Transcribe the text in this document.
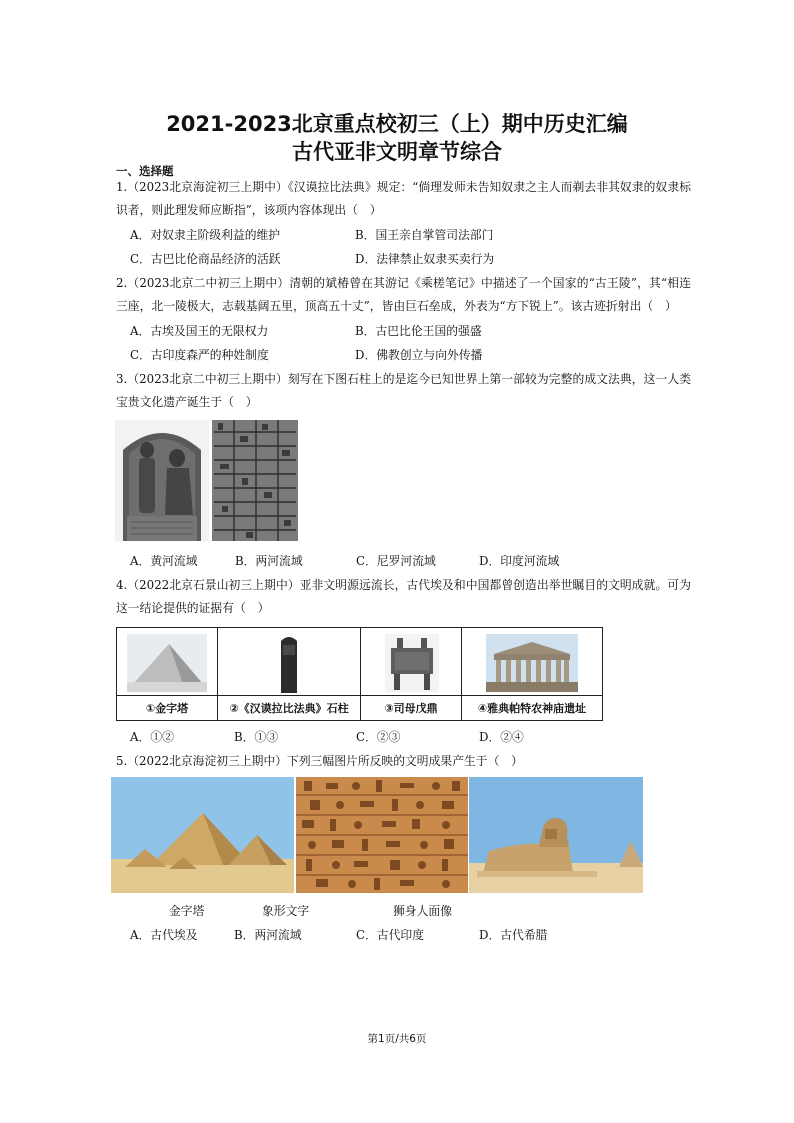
2021-2023北京重点校初三（上）期中历史汇编
古代亚非文明章节综合
一、选择题
1.（2023北京海淀初三上期中）《汉谟拉比法典》规定：“倘理发师未告知奴隶之主人而剃去非其奴隶的奴隶标识者，则此理发师应断指”，该项内容体现出（　）
A．对奴隶主阶级利益的维护	B．国王亲自掌管司法部门
C．古巴比伦商品经济的活跃	D．法律禁止奴隶买卖行为
2.（2023北京二中初三上期中）清朝的斌椿曾在其游记《乘槎笔记》中描述了一个国家的“古王陵”，其“相连三座，北一陵极大，志载基阔五里，顶高五十丈”，皆由巨石垒成，外表为“方下锐上”。该古迹折射出（　）
A．古埃及国王的无限权力	B．古巴比伦王国的强盛
C．古印度森严的种姓制度	D．佛教创立与向外传播
3.（2023北京二中初三上期中）刻写在下图石柱上的是迄今已知世界上第一部较为完整的成文法典，这一人类宝贵文化遗产诞生于（　）
A．黄河流域	B．两河流域	C．尼罗河流域	D．印度河流域
4.（2022北京石景山初三上期中）亚非文明源远流长，古代埃及和中国都曾创造出举世瞩目的文明成就。可为这一结论提供的证据有（　）
①金字塔	②《汉谟拉比法典》石柱	③司母戊鼎	④雅典帕特农神庙遗址
A．①②	B．①③	C．②③	D．②④
5.（2022北京海淀初三上期中）下列三幅图片所反映的文明成果产生于（　）
金字塔	象形文字	狮身人面像
A．古代埃及	B．两河流域	C．古代印度	D．古代希腊
第1页/共6页
